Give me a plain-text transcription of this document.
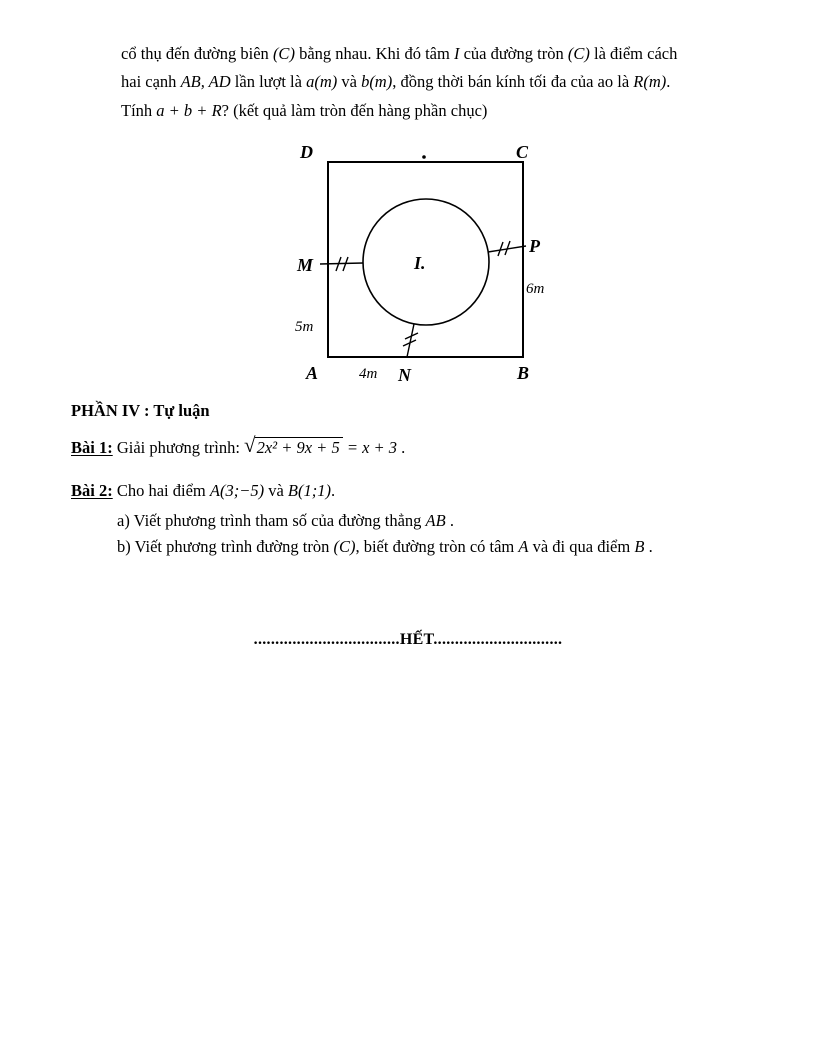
cổ thụ đến đường biên (C) bằng nhau. Khi đó tâm I của đường tròn (C) là điểm cách
hai cạnh AB, AD lần lượt là a(m) và b(m), đồng thời bán kính tối đa của ao là R(m).
Tính a + b + R? (kết quả làm tròn đến hàng phần chục)

D	C
M
P
A	B
N
I.
5m
6m
4m
PHẦN IV : Tự luận
Bài 1: Giải phương trình: √2x² + 9x + 5 = x + 3 .
Bài 2: Cho hai điểm A(3;−5) và B(1;1).
a) Viết phương trình tham số của đường thẳng AB .
b) Viết phương trình đường tròn (C), biết đường tròn có tâm A và đi qua điểm B .
..................................HẾT..............................
